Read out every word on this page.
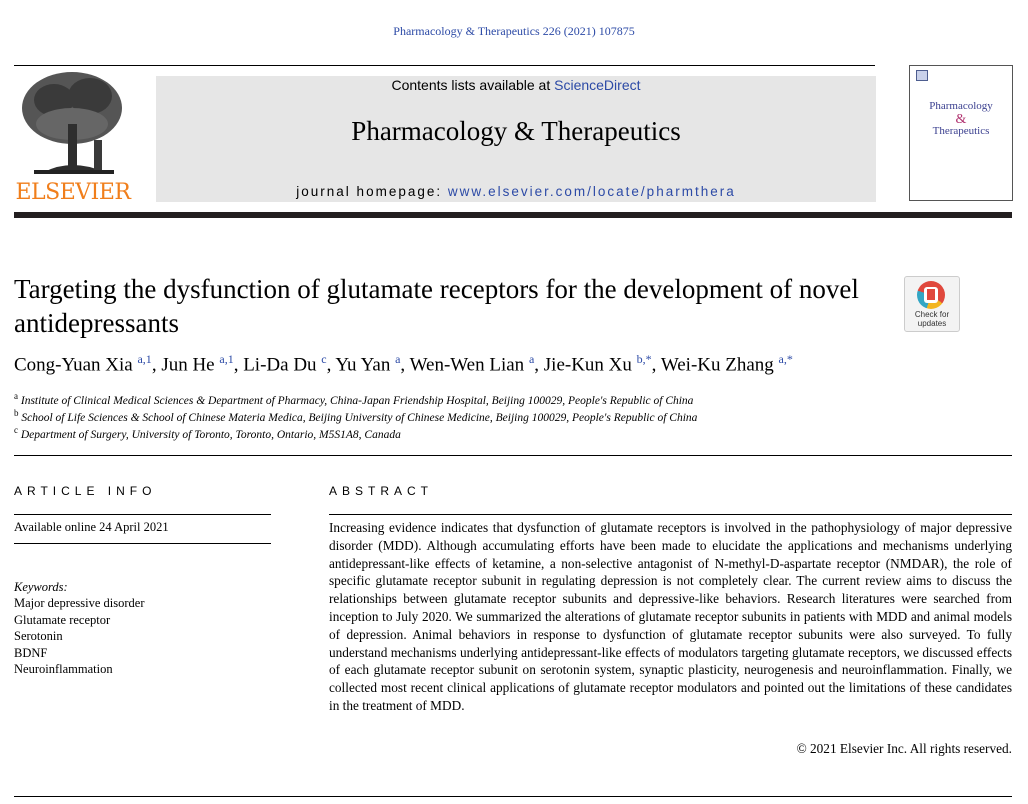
Pharmacology & Therapeutics 226 (2021) 107875
ELSEVIER
Contents lists available at ScienceDirect
Pharmacology & Therapeutics
journal homepage: www.elsevier.com/locate/pharmthera
Pharmacology
&
Therapeutics
Targeting the dysfunction of glutamate receptors for the development of novel antidepressants	Check for updates
Cong-Yuan Xia $^{a,1}$, Jun He $^{a,1}$, Li-Da Du $^c$, Yu Yan $^a$, Wen-Wen Lian $^a$, Jie-Kun Xu $^{b,*}$, Wei-Ku Zhang $^{a,*}$
$^a$ Institute of Clinical Medical Sciences & Department of Pharmacy, China-Japan Friendship Hospital, Beijing 100029, People's Republic of China
$^b$ School of Life Sciences & School of Chinese Materia Medica, Beijing University of Chinese Medicine, Beijing 100029, People's Republic of China
$^c$ Department of Surgery, University of Toronto, Toronto, Ontario, M5S1A8, Canada
ARTICLE INFO	ABSTRACT
Available online 24 April 2021
Keywords:
Major depressive disorder
Glutamate receptor
Serotonin
BDNF
Neuroinflammation
Increasing evidence indicates that dysfunction of glutamate receptors is involved in the pathophysiology of major depressive disorder (MDD). Although accumulating efforts have been made to elucidate the applications and mechanisms underlying antidepressant-like effects of ketamine, a non-selective antagonist of N-methyl-D-aspartate receptor (NMDAR), the role of specific glutamate receptor subunit in regulating depression is not completely clear. The current review aims to discuss the relationships between glutamate receptor subunits and depressive-like behaviors. Research literatures were searched from inception to July 2020. We summarized the alterations of glutamate receptor subunits in patients with MDD and animal models of depression. Animal behaviors in response to dysfunction of glutamate receptor subunits were also surveyed. To fully understand mechanisms underlying antidepressant-like effects of modulators targeting glutamate receptors, we discussed effects of each glutamate receptor subunit on serotonin system, synaptic plasticity, neurogenesis and neuroinflammation. Finally, we collected most recent clinical applications of glutamate receptor modulators and pointed out the limitations of these candidates in the treatment of MDD.
© 2021 Elsevier Inc. All rights reserved.
